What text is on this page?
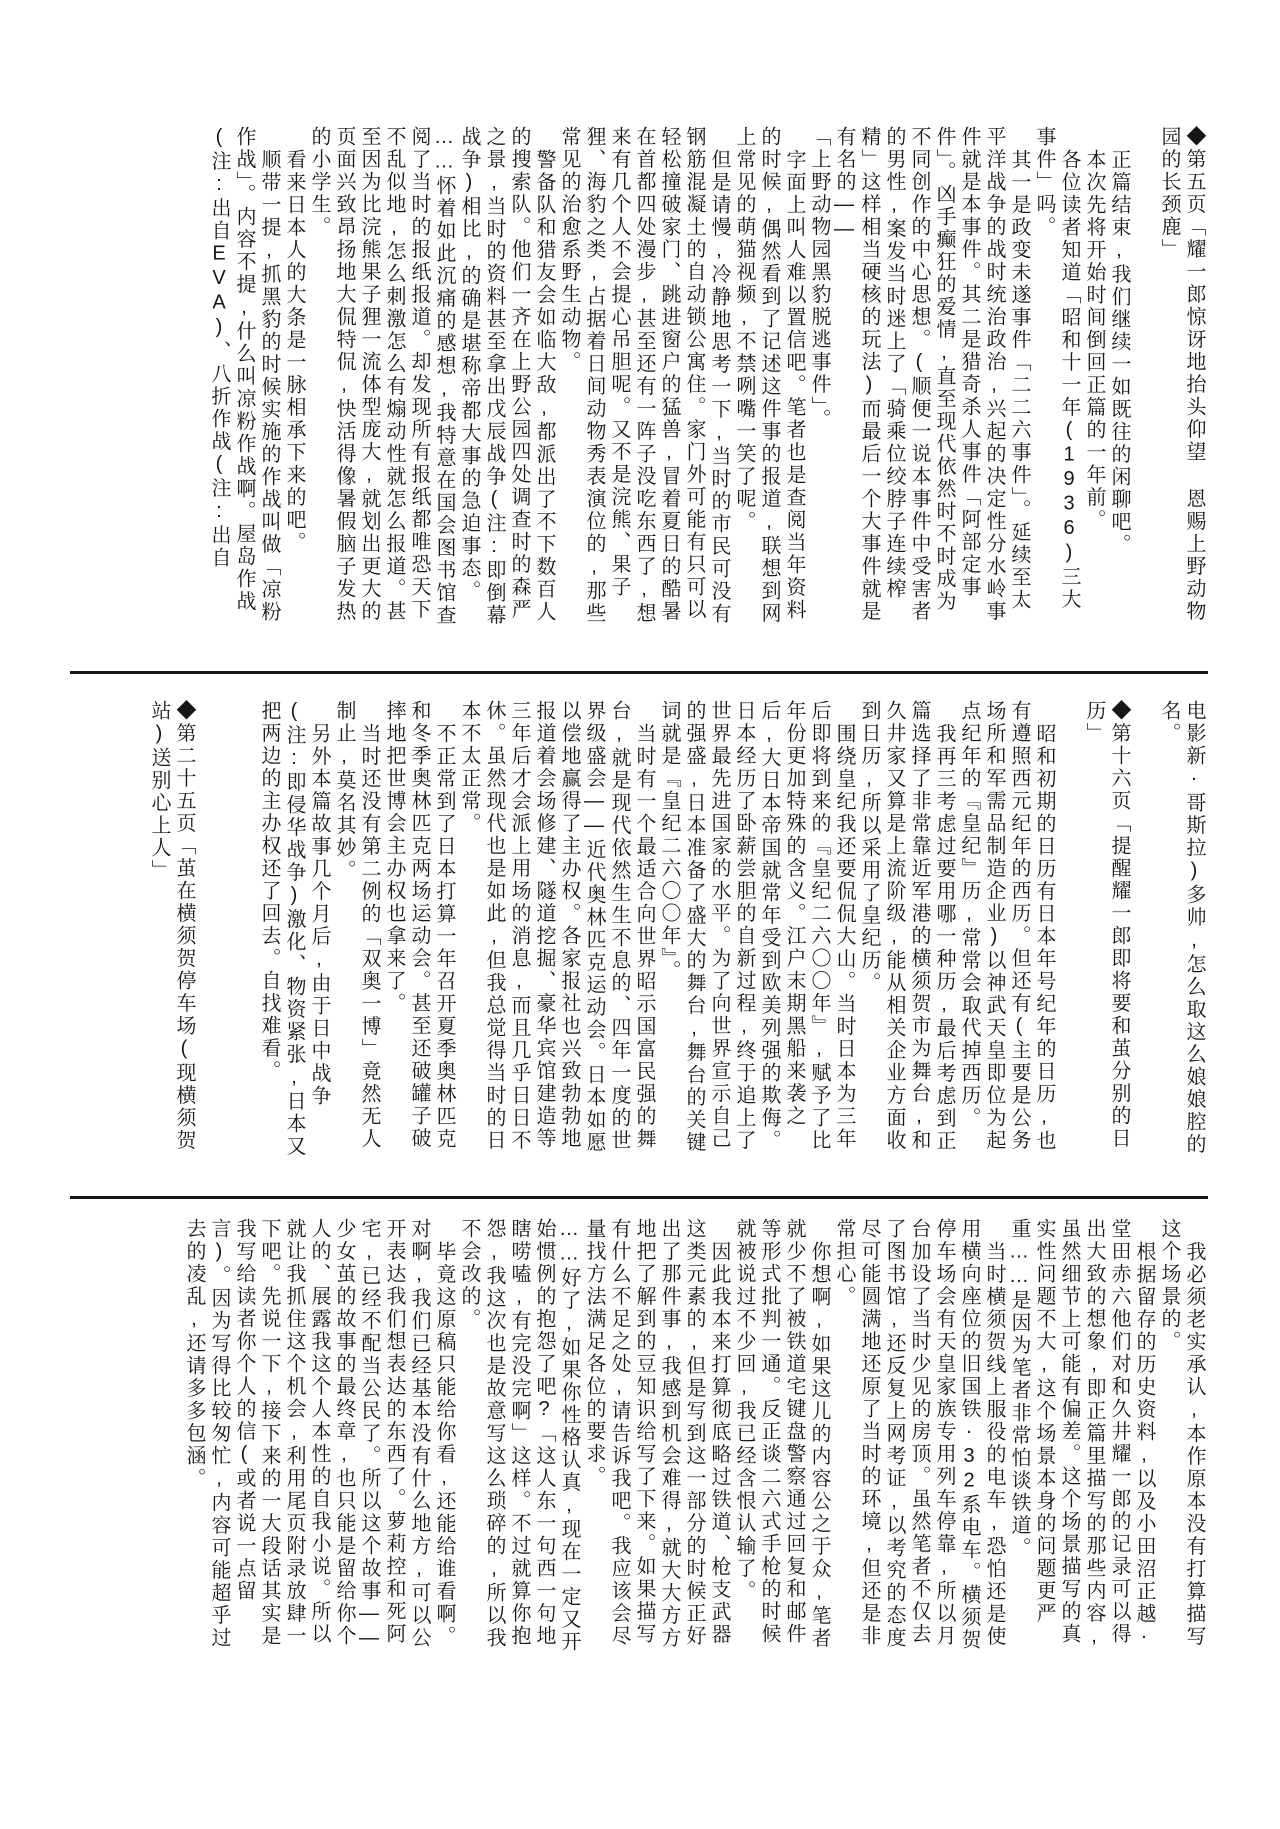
◆第五页「耀一郎惊讶地抬头仰望 恩赐上野动物园的长颈鹿」

正篇结束,我们继续一如既往的闲聊吧。

本次先将开始时间倒回正篇的一年前。

各位读者知道「昭和十一年(1936)三大事件」吗。

其一是政变未遂事件「二二六事件」。延续至太平洋战争的战时统治政治,兴起的决定性分水岭事件就是本事件。其二是猎奇杀人事件「阿部定事件」。凶手癫狂的爱情,直至现代依然时不时成为不同创作的中心思想。(顺便一说本事件中受害者的男性,案发当时迷上了「骑乘位绞脖子连续榨精」这样相当硬核的玩法)而最后一个大事件就是有名的——

「上野动物园黑豹脱逃事件」。

字面上叫人难以置信吧。笔者也是查阅当年资料的时候,偶然看到了记述这件事的报道,联想到网上常见的萌猫视频,不禁咧嘴一笑了呢。

但是请慢,冷静地思考一下,当时的市民可没有钢筋混凝土的自动锁公寓住。家门外可能有只可以轻松撞破家门、跳进窗户的猛兽,冒着夏日的酷暑在首都四处漫步,甚至还有一阵子没吃东西了,想来有几个人不会提心吊胆呢。又不是浣熊、果子狸、海豹之类,占据着日间动物秀表演位的,那些常见的治愈系野生动物。

警备队和猎友会如临大敌,都派出了不下数百人的搜索队。他们一齐在上野公园四处调查时的森严之景,当时的资料甚至拿出戊辰战争(注:即倒幕战争)相比,的确是堪称帝都大事的急迫事态。

……怀着如此沉痛的感想,我特意在国会图书馆查阅了当时的报纸报道。却发现所有报纸都唯恐天下不乱似地,怎么刺激怎么有煽动性就怎么报道。甚至因为比浣熊果子狸一流体型庞大,就划出更大的页面兴致昂扬地大侃特侃,快活得像暑假脑子发热的小学生。

看来日本人的大条是一脉相承下来的吧。

顺带一提,抓黑豹的时候实施的作战叫做「凉粉作战」。内容不提,什么叫凉粉作战啊。屋岛作战(注:出自EVA)、八折作战(注:出自

电影新·哥斯拉)多帅,怎么取这么娘娘腔的名。

◆第十六页「提醒耀一郎即将要和茧分别的日历」

昭和初期的日历有日本年号纪年的日历,也有遵照西元纪年的西历。但还有(主要是公务场所和军需品制造企业)以神武天皇即位为起点纪年的『皇纪』历,常常会取代掉西历。

我再三考虑过要用哪一种历,最后考虑到正篇选择了非常靠近军港的横须贺市为舞台,和久井家又算是上流阶级,能从相关企业方面收到日历,所以采用了皇纪历。

围绕皇纪我还要侃侃大山。当时日本为三年后即将到来的『皇纪二六〇〇年』,赋予了比年份更加特殊的含义。江户末期黑船来袭之后,大日本帝国就常年受到欧美列强的欺侮。日本经历了卧薪尝胆的自新过程,终于追上了世界最先进国家的水平。为了向世界宣示自己的强盛,日本准备了盛大的舞台,舞台的关键词就是『皇纪二六〇〇年』。

当时有一个最适合向世界昭示国富民强的舞台,就是现代依然生生不息的、四年一度的世界级盛会——近代奥林匹克运动会。日本如愿以偿地赢得了主办权。各家报社也兴致勃勃地报道着会场修建、隧道挖掘、豪华宾馆建造等三年后才会派上用场的消息,而且几乎日日不休。虽然现代也是如此,但我总觉得当时的日本不太正常。

不正常到了日本打算一年召开夏季奥林匹克和冬季奥林匹克两场运动会。甚至还破罐子破摔地把世博会主办权也拿来了。

当时还没有第二例的「双奥一博」竟然无人制止,莫名其妙。

另外本篇故事几个月后,由于日中战争(注:即侵华战争)激化、物资紧张,日本又把两边的主办权还了回去。自找难看。

◆第二十五页「茧在横须贺停车场(现横须贺站)送别心上人」

我必须老实承认,本作原本没有打算描写这个场景的。

根据留存的历史资料,以及小田沼正越·堂田赤六他们对和久井耀一郎的记录可以得出大致的想象,即正篇里描写的那些内容,虽然细节上可能有偏差。这个场景描写的真实性问题不大,这个场景本身的问题更严重……是因为笔者非常怕谈铁道。

当时横须贺线上服役的电车,恐怕还是使用横向座位的旧国铁·32系电车。横须贺停车场会有天皇家族专用列车停靠,所以月台加设了当时少见的房顶。虽然笔者不仅去了图书馆,还反复上网考证,以考究的态度尽可能圆满地还原了当时的环境,但还是非常担心。

你想啊,如果这儿的内容公之于众,笔者就少不了被铁道宅键盘警察通过回复和邮件等形式批判一通。反正谈二六式手枪的时候就被说过不少回,我已经含恨认输了。

因此我本来打算彻底略过铁道、枪支武器这类元素的,但是写到这一部分的时候正好出了那件事,我感到机会难得,就大大方方地把了解到的豆知识给写了下来。如果描写有什么不足之处,请告诉我吧。我应该会尽量找方法满足各位的要求。

……好了,如果你性格认真,现在一定又开始惯例的抱怨了吧?「这人东一句西一句地瞎唠嗑,有完没完啊」这样。不过就算你抱怨,我这次也是故意写这么琐碎的,所以我不会改的。

毕竟这原稿只能给你看,还能给谁看啊。对啊,我们已经基本没有什么地方,可以公开表达我们想表达的东西了。萝莉控和死阿宅,已经不配当公民了。所以这个故事——少女茧的故事的最终章,也只能是留给你个人的、展露我这个人本性的自我小说。所以就让我抓住这个机会,利用尾页附录放肆一下吧。先说一下,接下来的一大段话其实是我写给读者你个人的信(或者说一点留言)。因为写得比较匆忙,内容可能超乎过去的凌乱,还请多多包涵。
